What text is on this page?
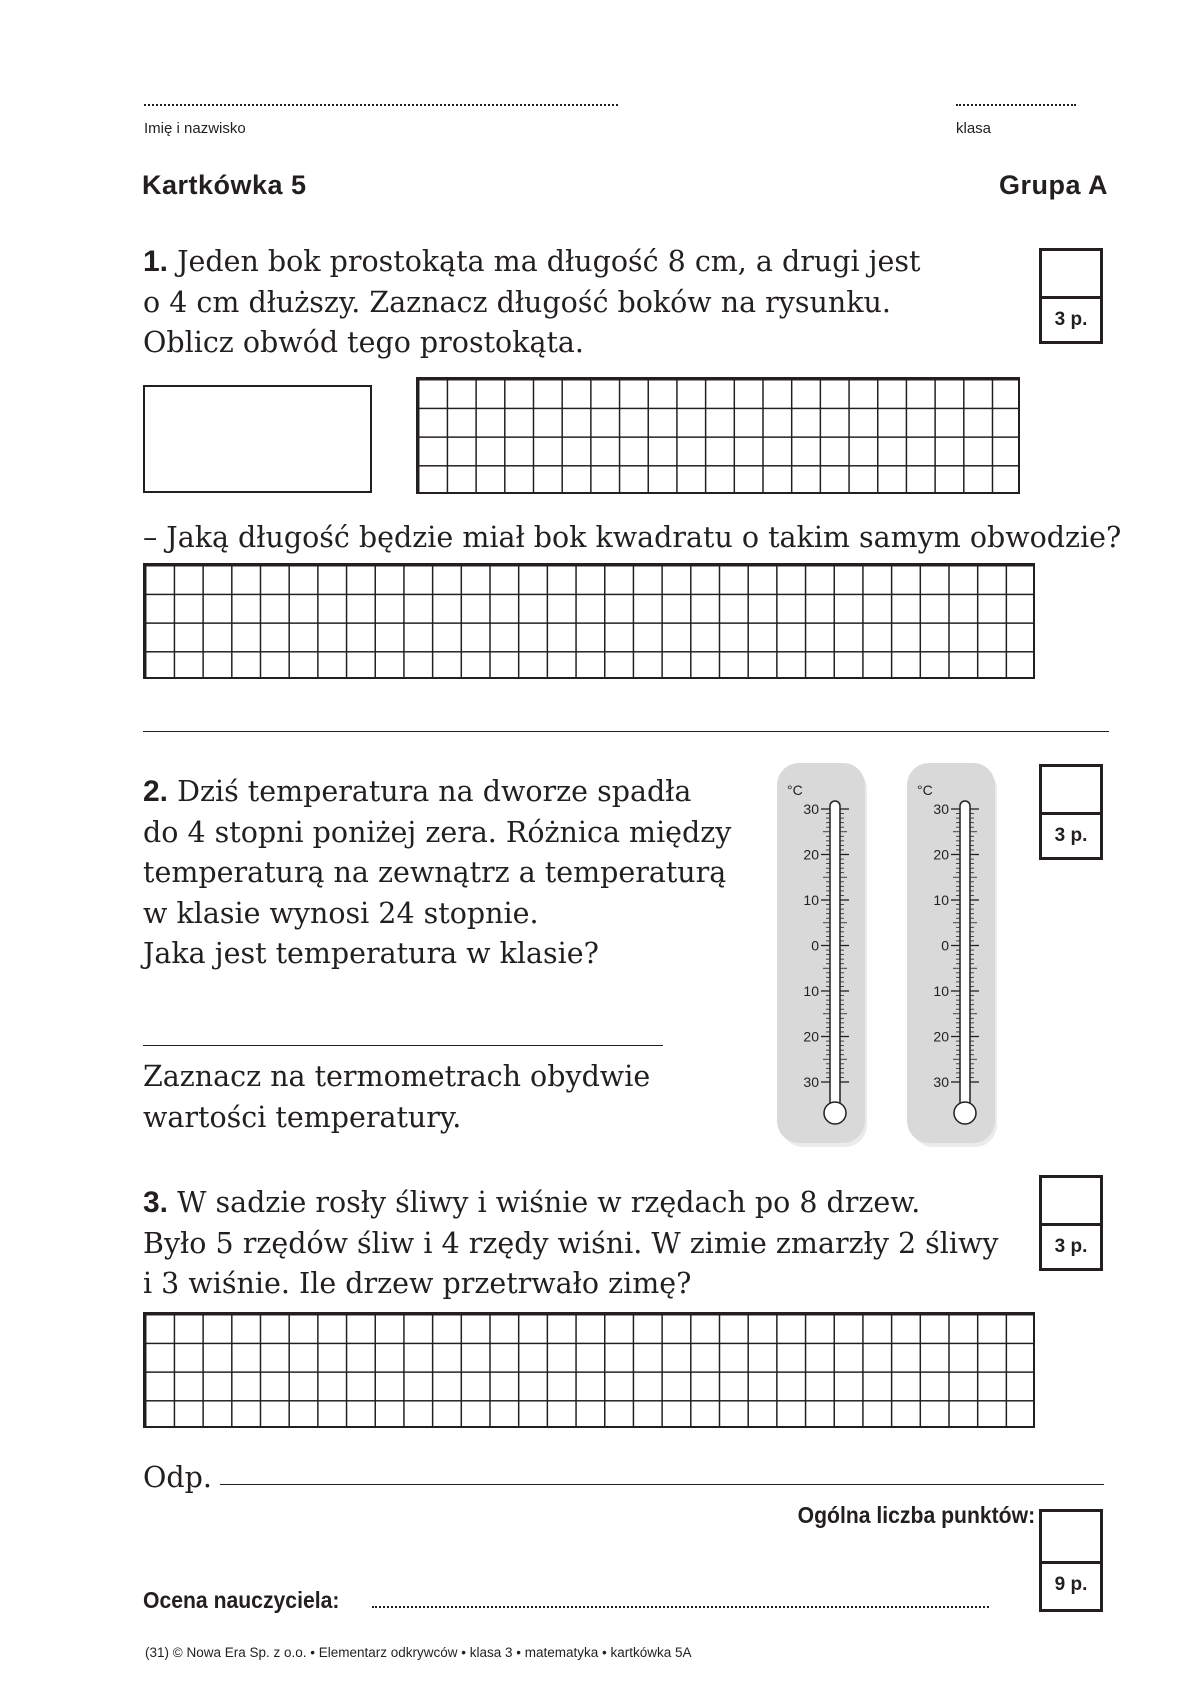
Imię i nazwisko	klasa
Kartkówka 5	Grupa A
1. Jeden bok prostokąta ma długość 8 cm, a drugi jest
o 4 cm dłuższy. Zaznacz długość boków na rysunku.
Oblicz obwód tego prostokąta.
3 p.
– Jaką długość będzie miał bok kwadratu o takim samym obwodzie?
2. Dziś temperatura na dworze spadła
do 4 stopni poniżej zera. Różnica między
temperaturą na zewnątrz a temperaturą
w klasie wynosi 24 stopnie.
Jaka jest temperatura w klasie?
Zaznacz na termometrach obydwie
wartości temperatury.
3 p.
°C
30
20
10
0
10
20
30
°C
30
20
10
0
10
20
30
3. W sadzie rosły śliwy i wiśnie w rzędach po 8 drzew.
Było 5 rzędów śliw i 4 rzędy wiśni. W zimie zmarzły 2 śliwy
i 3 wiśnie. Ile drzew przetrwało zimę?
3 p.
Odp.
Ogólna liczba punktów:
9 p.
Ocena nauczyciela:
(31) © Nowa Era Sp. z o.o. • Elementarz odkrywców • klasa 3 • matematyka • kartkówka 5A
